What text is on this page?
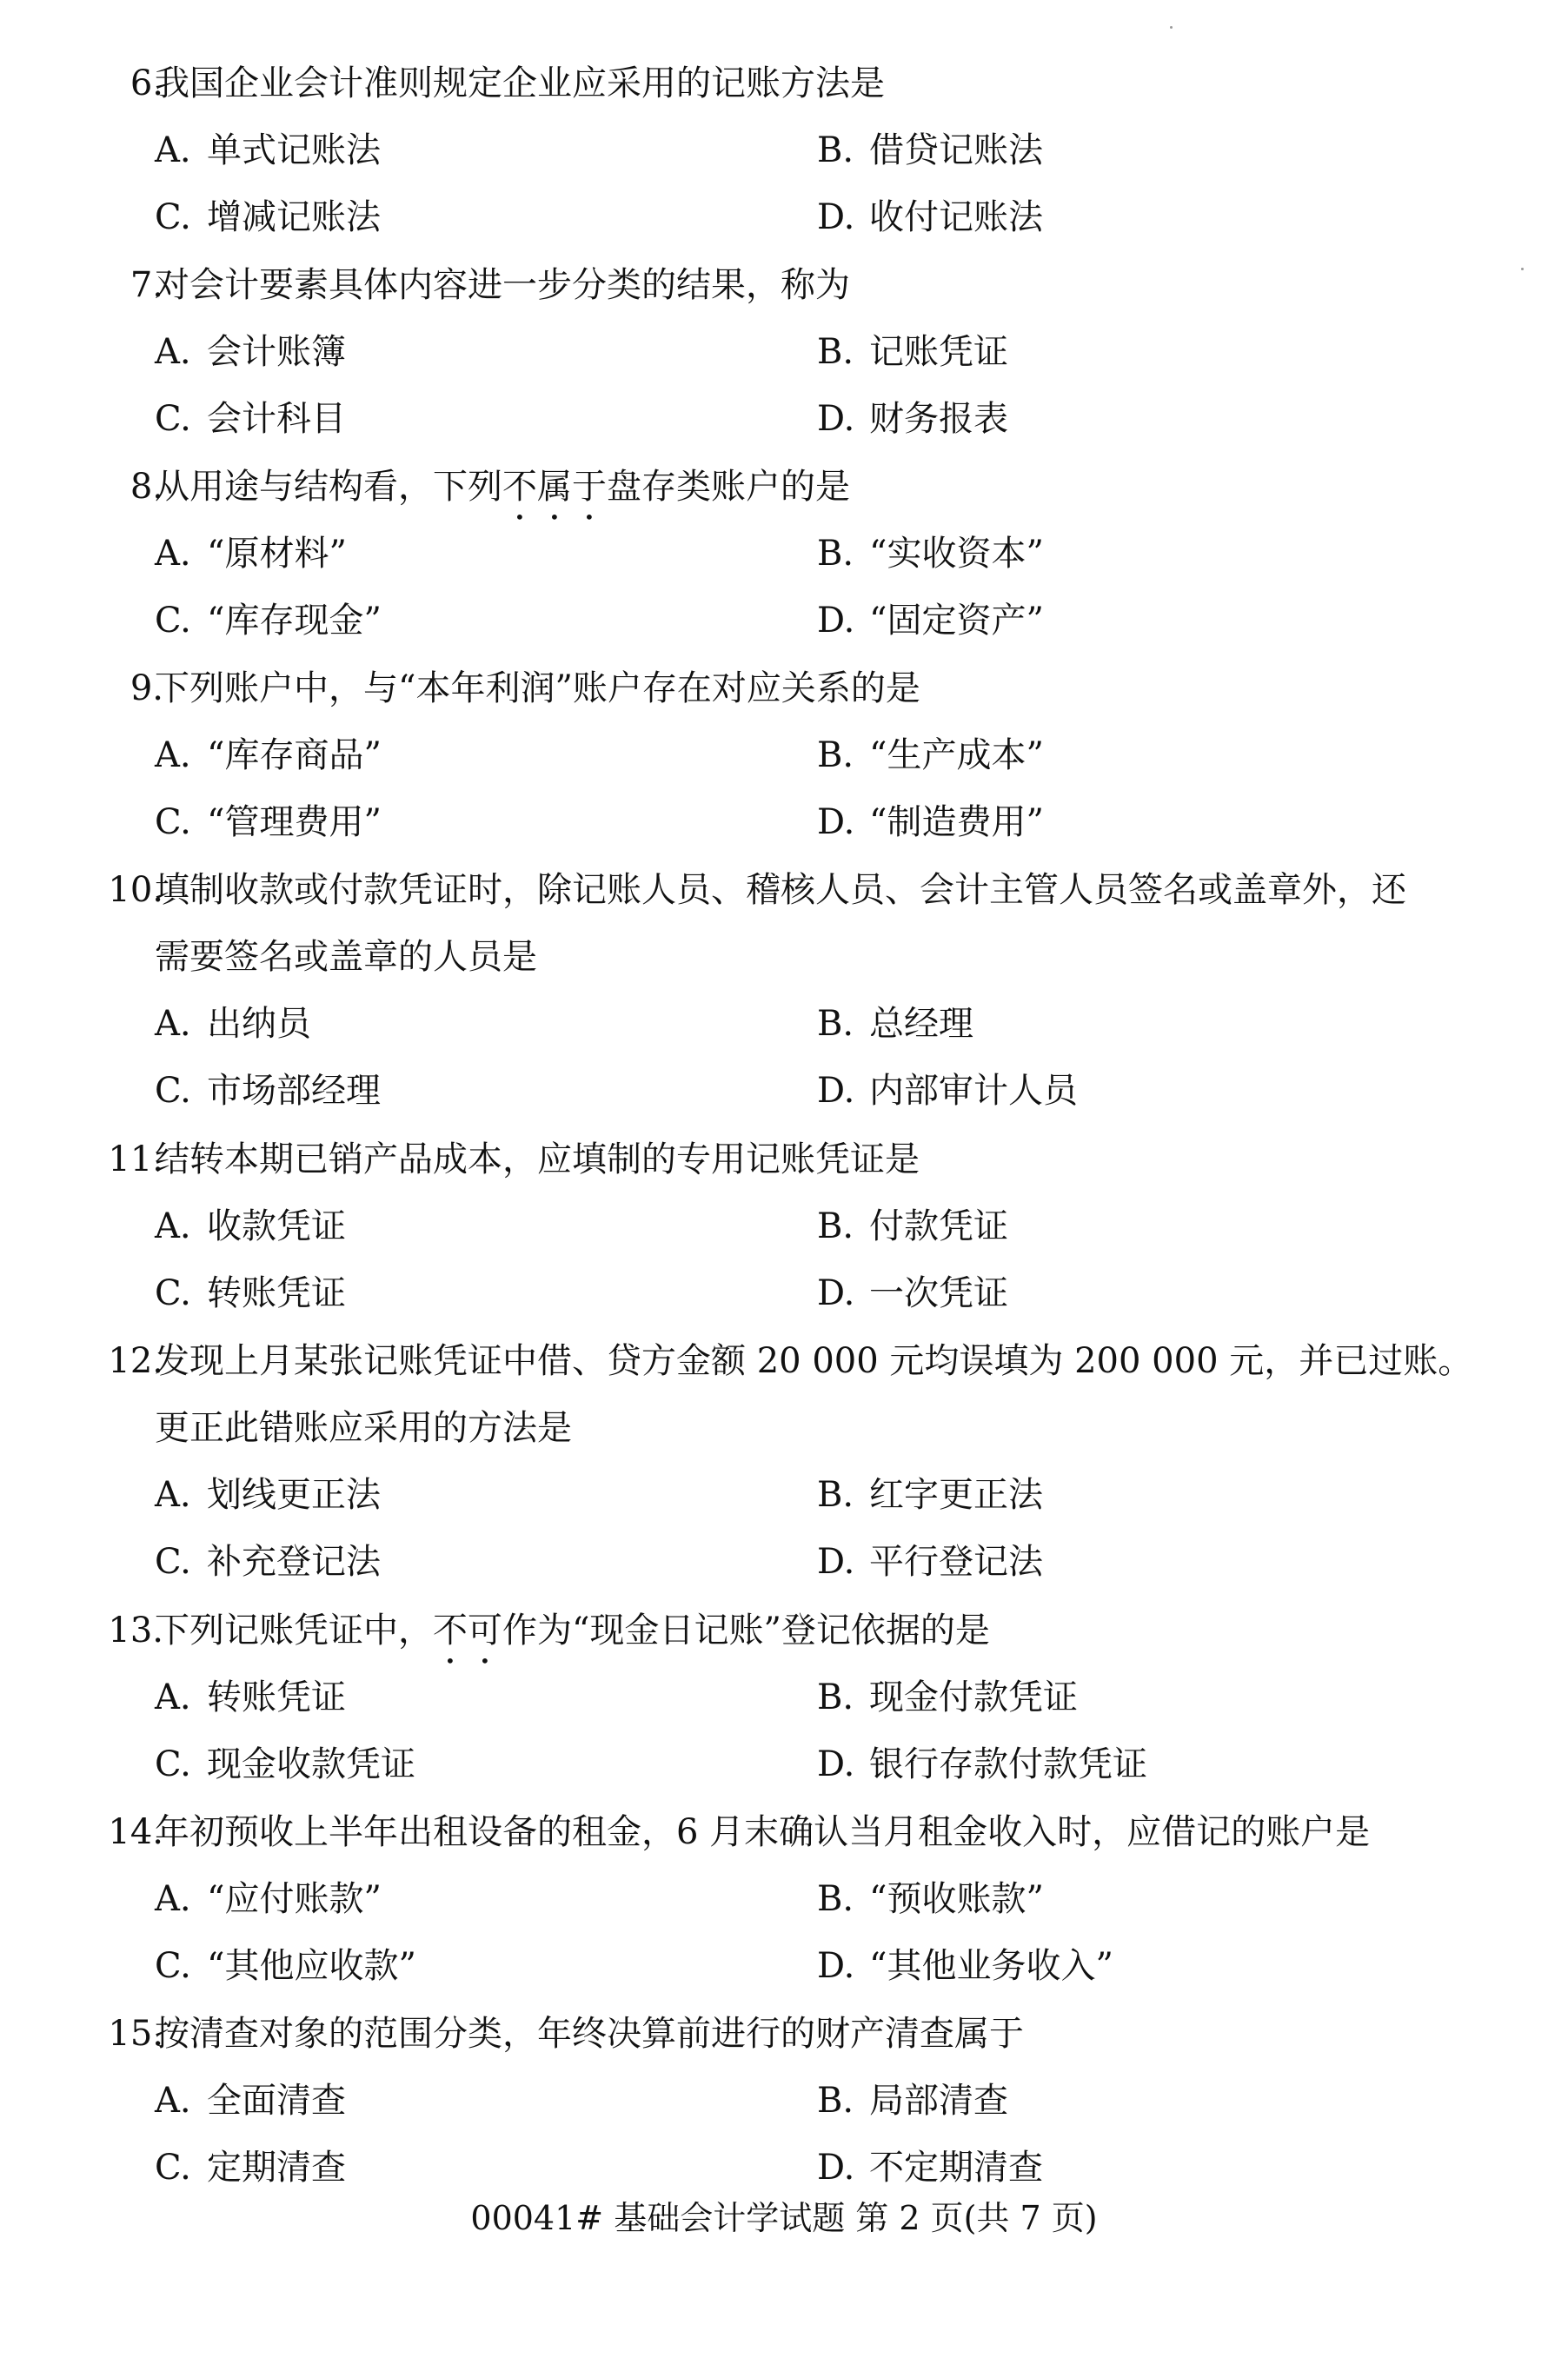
6.
我国企业会计准则规定企业应采用的记账方法是
A. 单式记账法	B. 借贷记账法
C. 增减记账法	D. 收付记账法
7.
对会计要素具体内容进一步分类的结果，称为
A. 会计账簿	B. 记账凭证
C. 会计科目	D. 财务报表
8.
从用途与结构看，下列不属于盘存类账户的是
A. “原材料”	B. “实收资本”
C. “库存现金”	D. “固定资产”
9.
下列账户中，与“本年利润”账户存在对应关系的是
A. “库存商品”	B. “生产成本”
C. “管理费用”	D. “制造费用”
10.
填制收款或付款凭证时，除记账人员、稽核人员、会计主管人员签名或盖章外，还
需要签名或盖章的人员是
A. 出纳员	B. 总经理
C. 市场部经理	D. 内部审计人员
11.
结转本期已销产品成本，应填制的专用记账凭证是
A. 收款凭证	B. 付款凭证
C. 转账凭证	D. 一次凭证
12.
发现上月某张记账凭证中借、贷方金额 20 000 元均误填为 200 000 元，并已过账。
更正此错账应采用的方法是
A. 划线更正法	B. 红字更正法
C. 补充登记法	D. 平行登记法
13.
下列记账凭证中，不可作为“现金日记账”登记依据的是
A. 转账凭证	B. 现金付款凭证
C. 现金收款凭证	D. 银行存款付款凭证
14.
年初预收上半年出租设备的租金，6 月末确认当月租金收入时，应借记的账户是
A. “应付账款”	B. “预收账款”
C. “其他应收款”	D. “其他业务收入”
15.
按清查对象的范围分类，年终决算前进行的财产清查属于
A. 全面清查	B. 局部清查
C. 定期清查	D. 不定期清查
00041# 基础会计学试题 第 2 页(共 7 页)
